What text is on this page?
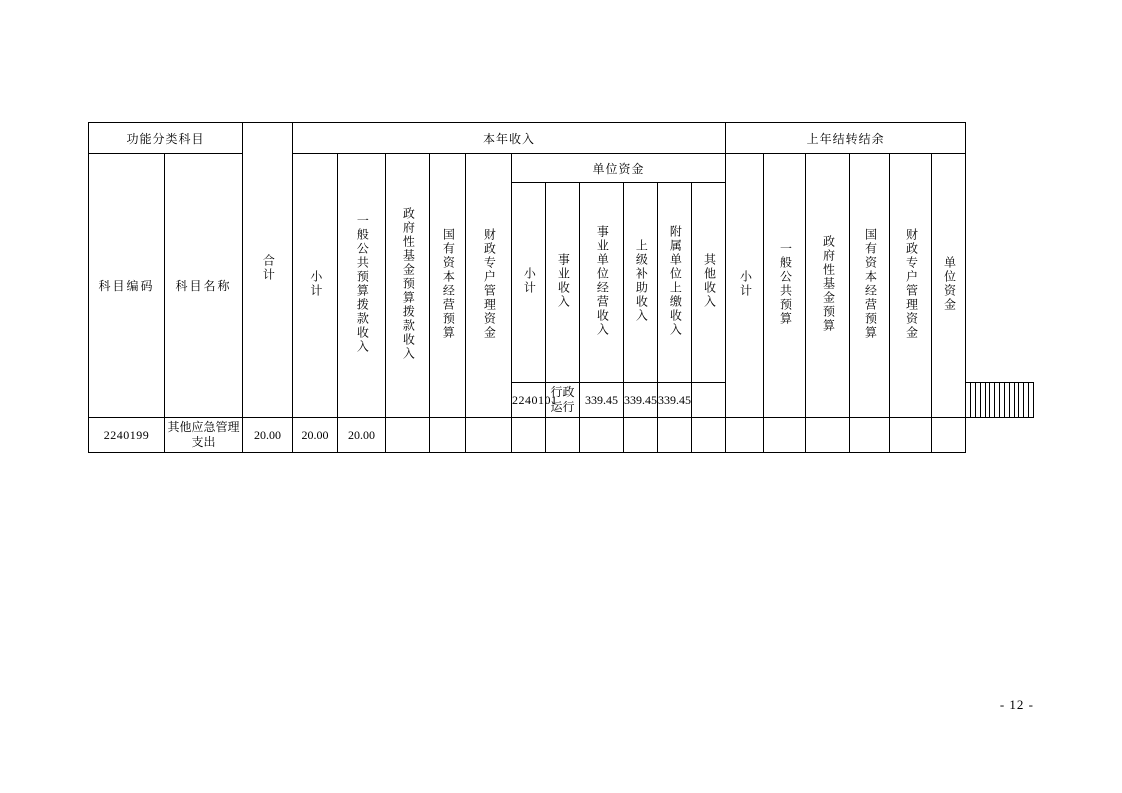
功能分类科目		合计	本年收入											上年结转结余																			
科目编码	科目名称		小计	一般公共预算拨款收入	政府性基金预算拨款收入	国有资本经营预算	财政专户管理资金	单位资金						小计	一般公共预算	政府性基金预算	国有资本经营预算	财政专户管理资金	单位资金														
								小计	事业收入	事业单位经营收入	上级补助收入	附属单位上缴收入	其他收入																				
								2240101	行政运行	339.45	339.45	339.45																					
2240199	其他应急管理支出	20.00	20.00	20.00																													
- 12 -
